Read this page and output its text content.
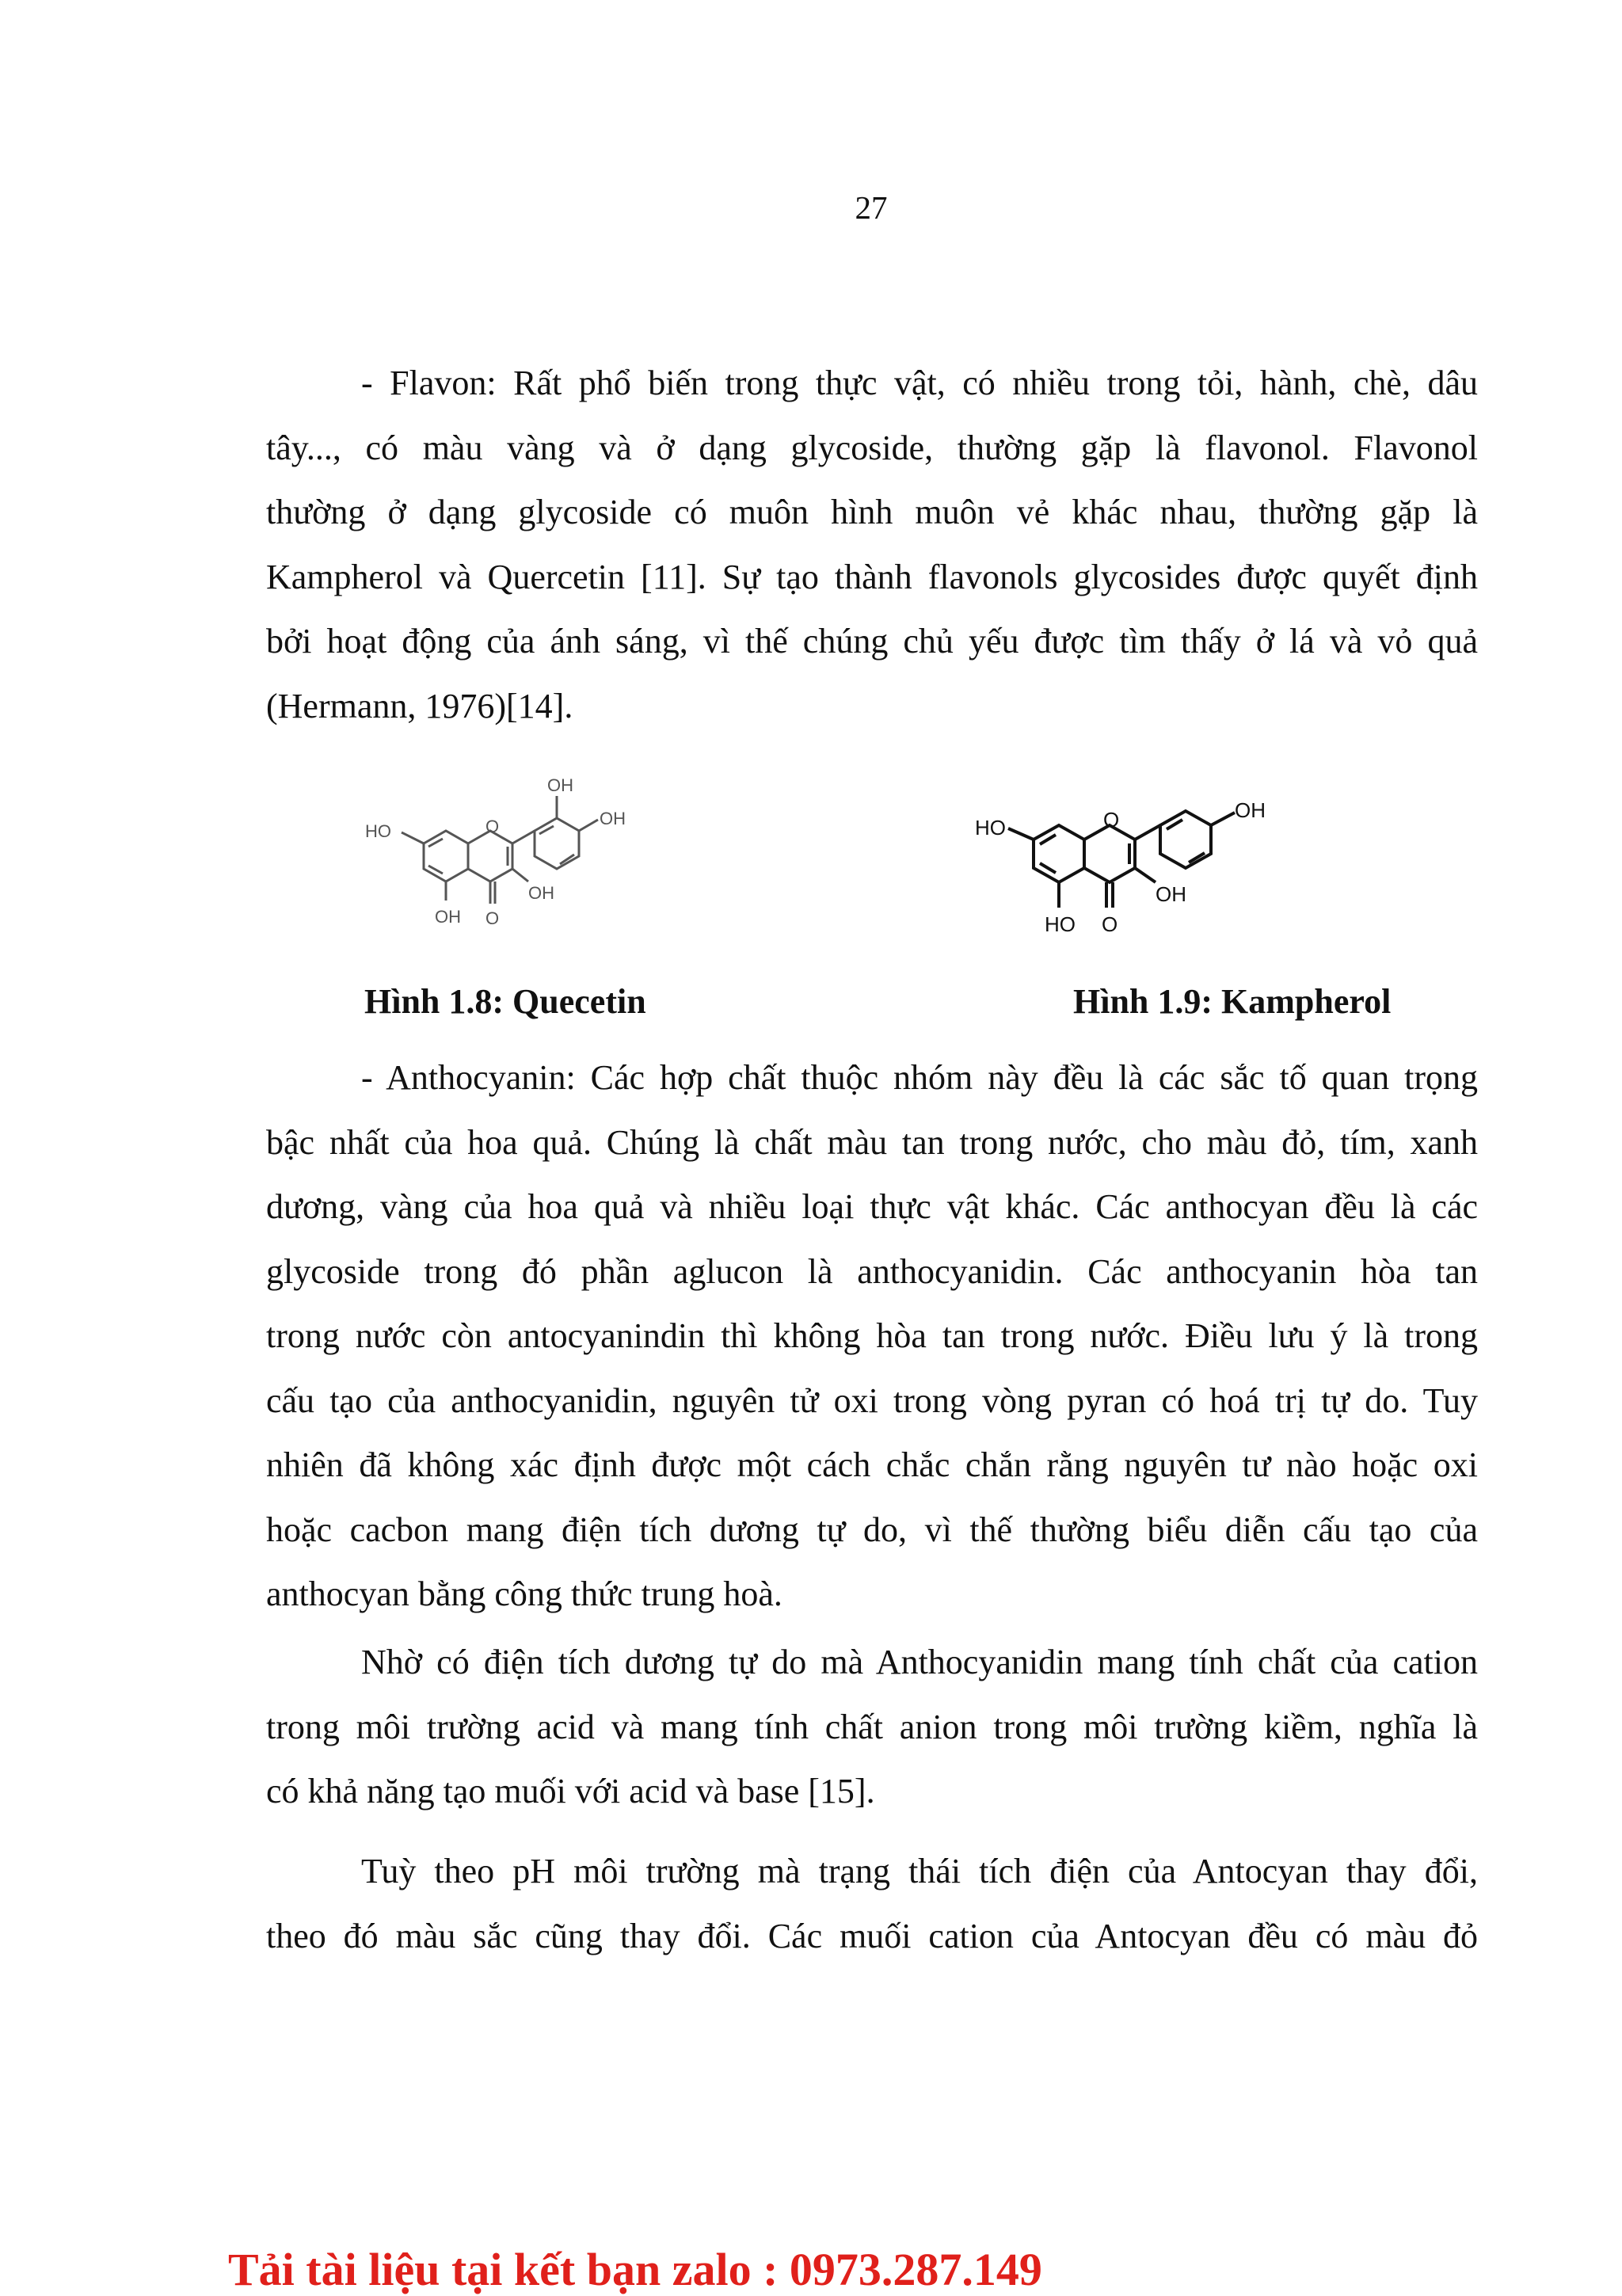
27

- Flavon: Rất phổ biến trong thực vật, có nhiều trong tỏi, hành, chè, dâu
tây..., có màu vàng và ở dạng glycoside, thường gặp là flavonol. Flavonol
thường ở dạng glycoside có muôn hình muôn vẻ khác nhau, thường gặp là
Kampherol và Quercetin [11]. Sự tạo thành flavonols glycosides được quyết định
bởi hoạt động của ánh sáng, vì thế chúng chủ yếu được tìm thấy ở lá và vỏ quả
(Hermann, 1976)[14].

O
O
OH
OH
HO
OH
OH
Hình 1.8: Quecetin
O
O
OH
HO
OH
HO
Hình 1.9: Kampherol

- Anthocyanin: Các hợp chất thuộc nhóm này đều là các sắc tố quan trọng
bậc nhất của hoa quả. Chúng là chất màu tan trong nước, cho màu đỏ, tím, xanh
dương, vàng của hoa quả và nhiều loại thực vật khác. Các anthocyan đều là các
glycoside trong đó phần aglucon là anthocyanidin. Các anthocyanin hòa tan
trong nước còn antocyanindin thì không hòa tan trong nước. Điều lưu ý là trong
cấu tạo của anthocyanidin, nguyên tử oxi trong vòng pyran có hoá trị tự do. Tuy
nhiên đã không xác định được một cách chắc chắn rằng nguyên tư nào hoặc oxi
hoặc cacbon mang điện tích dương tự do, vì thế thường biểu diễn cấu tạo của
anthocyan bằng công thức trung hoà.

Nhờ có điện tích dương tự do mà Anthocyanidin mang tính chất của cation
trong môi trường acid và mang tính chất anion trong môi trường kiềm, nghĩa là
có khả năng tạo muối với acid và base [15].

Tuỳ theo pH môi trường mà trạng thái tích điện của Antocyan thay đổi,
theo đó màu sắc cũng thay đổi. Các muối cation của Antocyan đều có màu đỏ

Tải tài liệu tại kết bạn zalo : 0973.287.149
